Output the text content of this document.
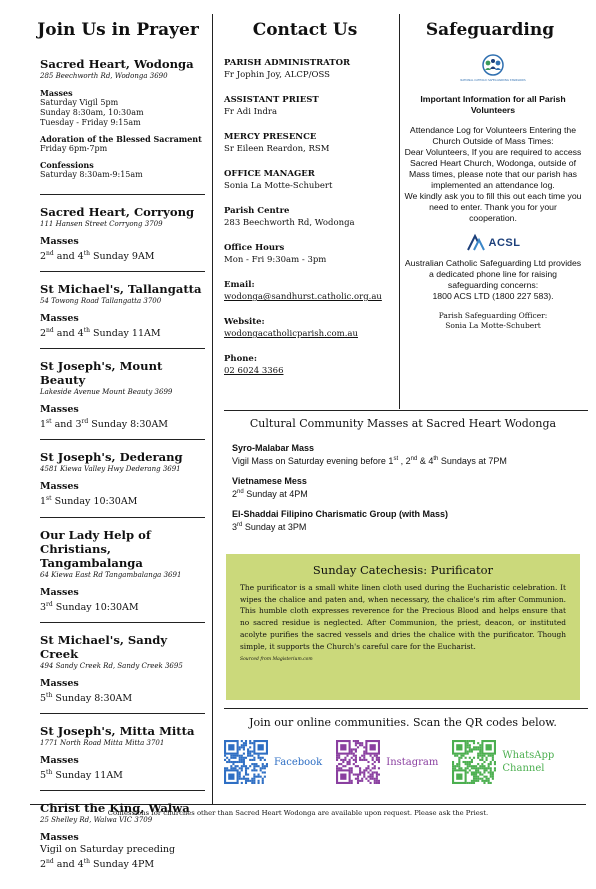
Join Us in Prayer	Contact Us	Safeguarding
Sacred Heart, Wodonga
285 Beechworth Rd, Wodonga 3690
Masses
Saturday Vigil 5pm
Sunday 8:30am, 10:30am
Tuesday - Friday 9:15am
Adoration of the Blessed Sacrament
Friday 6pm-7pm
Confessions
Saturday 8:30am-9:15am
Sacred Heart, Corryong
111 Hansen Street Corryong 3709
Masses
2nd and 4th Sunday 9AM
St Michael's, Tallangatta
54 Towong Road Tallangatta 3700
Masses
2nd and 4th Sunday 11AM
St Joseph's, Mount Beauty
Lakeside Avenue Mount Beauty 3699
Masses
1st and 3rd Sunday 8:30AM
St Joseph's, Dederang
4581 Kiewa Valley Hwy Dederang 3691
Masses
1st Sunday 10:30AM
Our Lady Help of Christians, Tangambalanga
64 Kiewa East Rd Tangambalanga 3691
Masses
3rd Sunday 10:30AM
St Michael's, Sandy Creek
494 Sandy Creek Rd, Sandy Creek 3695
Masses
5th Sunday 8:30AM
St Joseph's, Mitta Mitta
1771 North Road Mitta Mitta 3701
Masses
5th Sunday 11AM
Christ the King, Walwa
25 Shelley Rd, Walwa VIC 3709
Masses
Vigil on Saturday preceding
2nd and 4th Sunday 4PM
PARISH ADMINISTRATOR
Fr Jophin Joy, ALCP/OSS
ASSISTANT PRIEST
Fr Adi Indra
MERCY PRESENCE
Sr Eileen Reardon, RSM
OFFICE MANAGER
Sonia La Motte-Schubert
Parish Centre
283 Beechworth Rd, Wodonga
Office Hours
Mon - Fri 9:30am - 3pm
Email:
wodonga@sandhurst.catholic.org.au
Website:
wodongacatholicparish.com.au
Phone:
02 6024 3366
NATIONAL CATHOLIC SAFEGUARDING STANDARDS
Important Information for all Parish Volunteers
Attendance Log for Volunteers Entering the Church Outside of Mass Times:
Dear Volunteers, If you are required to access Sacred Heart Church, Wodonga, outside of Mass times, please note that our parish has implemented an attendance log.
We kindly ask you to fill this out each time you need to enter. Thank you for your cooperation.
ACSL
Australian Catholic Safeguarding Ltd provides a dedicated phone line for raising safeguarding concerns:
1800 ACS LTD (1800 227 583).
Parish Safeguarding Officer:
Sonia La Motte-Schubert
Cultural Community Masses at Sacred Heart Wodonga
Syro-Malabar Mass
Vigil Mass on Saturday evening before 1st , 2nd & 4th Sundays at 7PM
Vietnamese Mess
2nd Sunday at 4PM
El-Shaddai Filipino Charismatic Group (with Mass)
3rd Sunday at 3PM
Sunday Catechesis: Purificator
The purificator is a small white linen cloth used during the Eucharistic celebration. It wipes the chalice and paten and, when necessary, the chalice's rim after Communion. This humble cloth expresses reverence for the Precious Blood and helps ensure that no sacred residue is neglected. After Communion, the priest, deacon, or instituted acolyte purifies the sacred vessels and dries the chalice with the purificator. Though simple, it supports the Church's careful care for the Eucharist.
Sourced from Magisterium.com
Join our online communities. Scan the QR codes below.
Facebook	Instagram
WhatsApp Channel
Confessions for churches other than Sacred Heart Wodonga are available upon request. Please ask the Priest.
